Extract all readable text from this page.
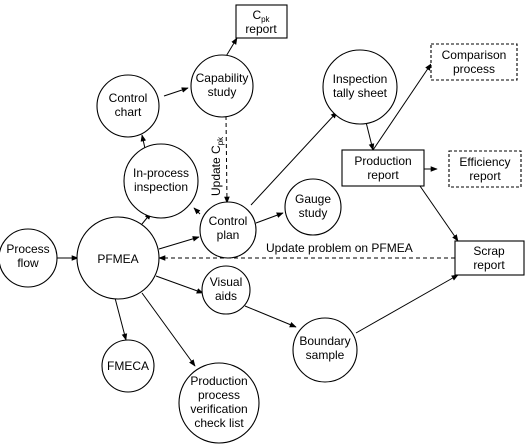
Update $C_{pk}$
Update problem on PFMEA
Process
flow	PFMEA
FMECA
Production
process
verification
check list
Visual
aids
Boundary
sample
Control
plan
Gauge
study
In-process
inspection
Control
chart
Capability
study
Inspection
tally sheet
$C_{pk}$
report
Production
report
Comparison
process
Efficiency
report
Scrap
report
